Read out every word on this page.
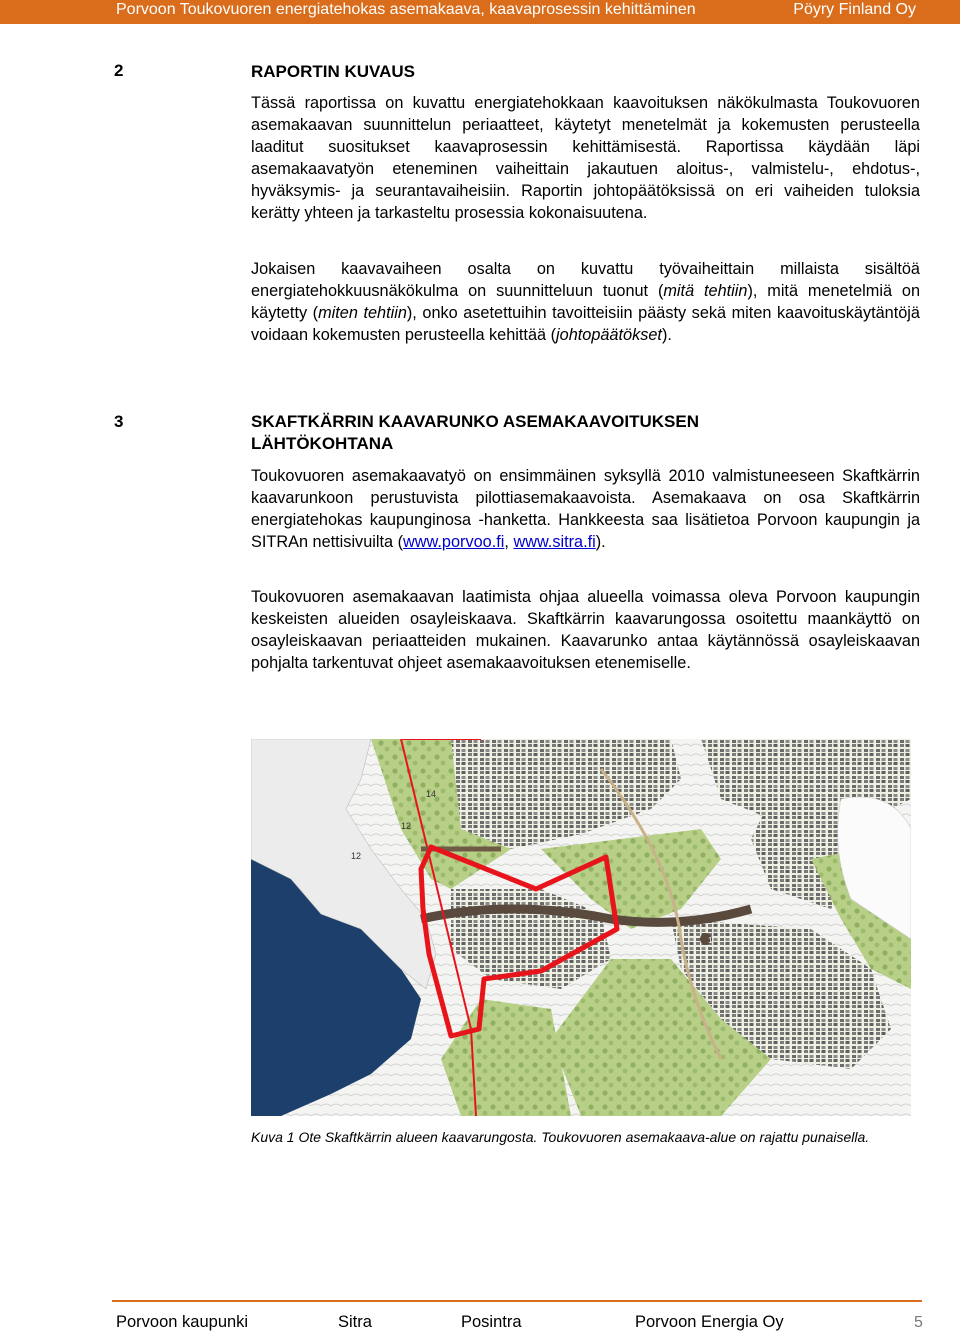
Porvoon Toukovuoren energiatehokas asemakaava, kaavaprosessin kehittäminen	Pöyry Finland Oy
2	RAPORTIN KUVAUS

Tässä raportissa on kuvattu energiatehokkaan kaavoituksen näkökulmasta Toukovuoren asemakaavan suunnittelun periaatteet, käytetyt menetelmät ja kokemusten perusteella laaditut suositukset kaavaprosessin kehittämisestä. Raportissa käydään läpi asemakaavatyön eteneminen vaiheittain jakautuen aloitus-, valmistelu-, ehdotus-, hyväksymis- ja seurantavaiheisiin. Raportin johtopäätöksissä on eri vaiheiden tuloksia kerätty yhteen ja tarkasteltu prosessia kokonaisuutena.

Jokaisen kaavavaiheen osalta on kuvattu työvaiheittain millaista sisältöä energiatehokkuusnäkökulma on suunnitteluun tuonut (mitä tehtiin), mitä menetelmiä on käytetty (miten tehtiin), onko asetettuihin tavoitteisiin päästy sekä miten kaavoituskäytäntöjä voidaan kokemusten perusteella kehittää (johtopäätökset).

3	SKAFTKÄRRIN KAAVARUNKO ASEMAKAAVOITUKSEN
LÄHTÖKOHTANA

Toukovuoren asemakaavatyö on ensimmäinen syksyllä 2010 valmistuneeseen Skaftkärrin kaavarunkoon perustuvista pilottiasemakaavoista. Asemakaava on osa Skaftkärrin energiatehokas kaupunginosa -hanketta. Hankkeesta saa lisätietoa Porvoon kaupungin ja SITRAn nettisivuilta (www.porvoo.fi, www.sitra.fi).

Toukovuoren asemakaavan laatimista ohjaa alueella voimassa oleva Porvoon kaupungin keskeisten alueiden osayleiskaava. Skaftkärrin kaavarungossa osoitettu maankäyttö on osayleiskaavan periaatteiden mukainen. Kaavarunko antaa käytännössä osayleiskaavan pohjalta tarkentuvat ohjeet asemakaavoituksen etenemiselle.

12
12
14
1

Kuva 1 Ote Skaftkärrin alueen kaavarungosta. Toukovuoren asemakaava-alue on rajattu punaisella.

Porvoon kaupunki	Sitra	Posintra	Porvoon Energia Oy	5
